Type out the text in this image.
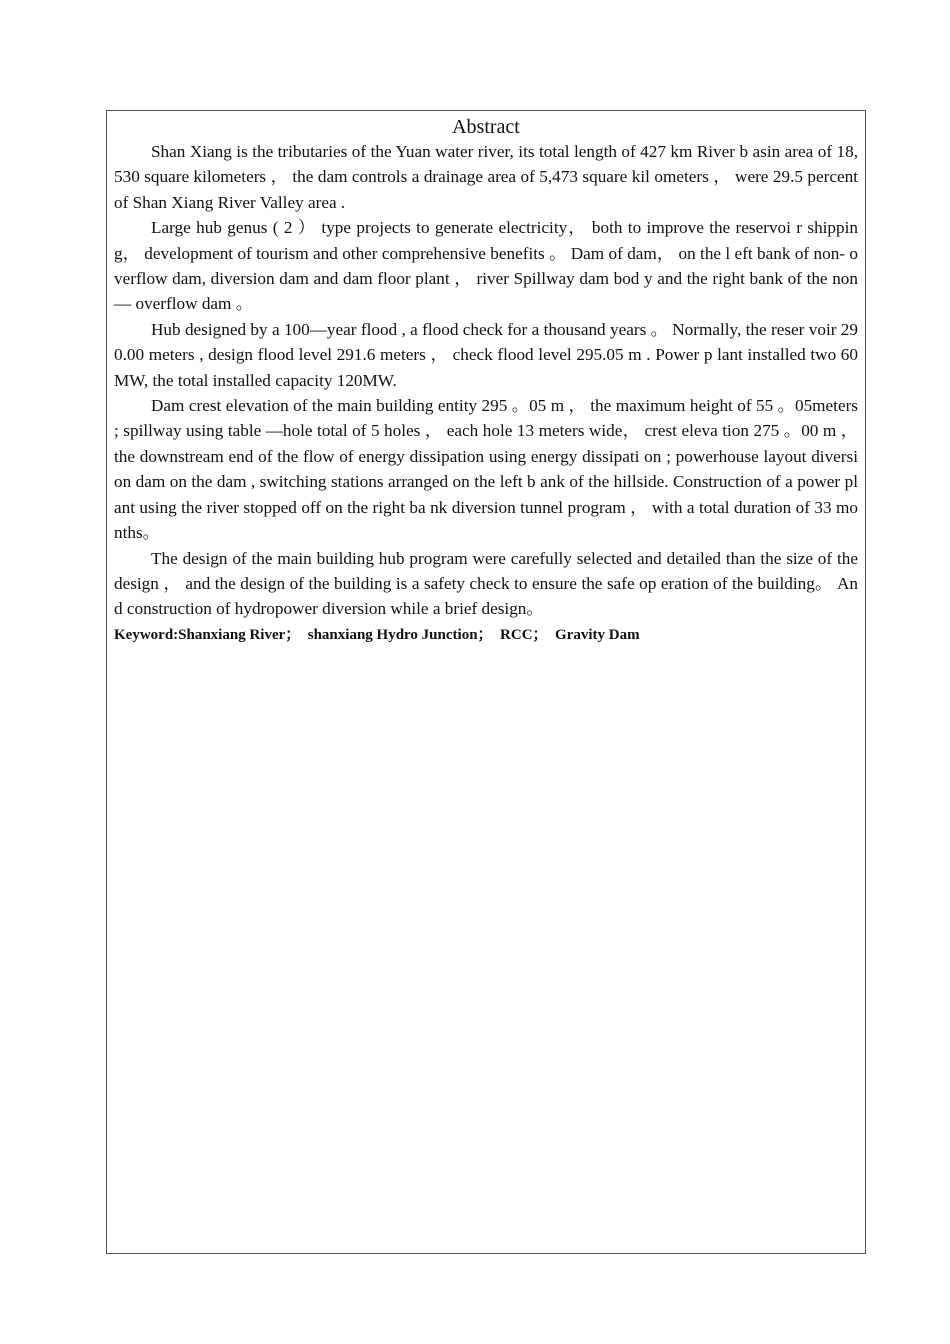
Abstract

Shan Xiang is the tributaries of the Yuan water river, its total length of 427 km River b asin area of 18,530 square kilometers ， the dam controls a drainage area of 5,473 square kil ometers ， were 29.5 percent of Shan Xiang River Valley area .

Large hub genus ( 2 ） type projects to generate electricity， both to improve the reservoi r shipping， development of tourism and other comprehensive benefits 。 Dam of dam， on the l eft bank of non- overflow dam, diversion dam and dam floor plant ， river Spillway dam bod y and the right bank of the non— overflow dam 。

Hub designed by a 100—year flood , a flood check for a thousand years 。 Normally, the reser voir 290.00 meters , design flood level 291.6 meters ， check flood level 295.05 m . Power p lant installed two 60MW, the total installed capacity 120MW.

Dam crest elevation of the main building entity 295 。05 m ， the maximum height of 55 。05meters ; spillway using table —hole total of 5 holes ， each hole 13 meters wide， crest eleva tion 275 。00 m ， the downstream end of the flow of energy dissipation using energy dissipati on ; powerhouse layout diversion dam on the dam , switching stations arranged on the left b ank of the hillside. Construction of a power plant using the river stopped off on the right ba nk diversion tunnel program ， with a total duration of 33 months。

The design of the main building hub program were carefully selected and detailed than the size of the design ， and the design of the building is a safety check to ensure the safe op eration of the building。 And construction of hydropower diversion while a brief design。

Keyword:Shanxiang River；  shanxiang Hydro Junction；  RCC；  Gravity Dam
